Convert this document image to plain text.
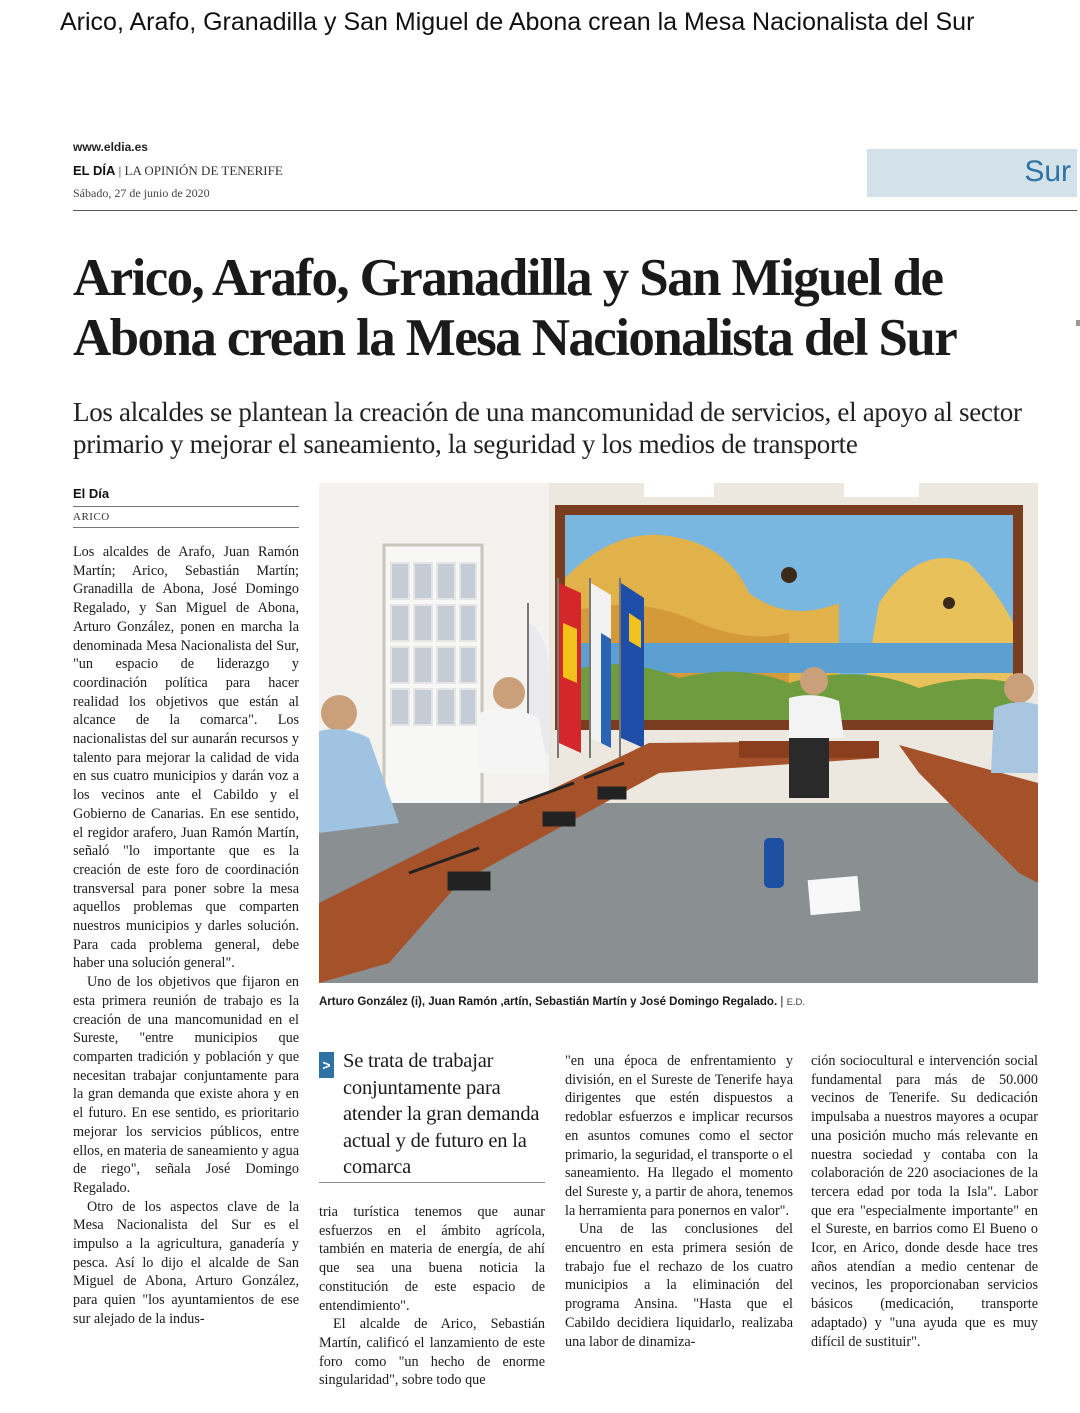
Arico, Arafo, Granadilla y San Miguel de Abona crean la Mesa Nacionalista del Sur
www.eldia.es
EL DÍA | LA OPINIÓN DE TENERIFE
Sábado, 27 de junio de 2020
Sur
Arico, Arafo, Granadilla y San Miguel de Abona crean la Mesa Nacionalista del Sur
Los alcaldes se plantean la creación de una mancomunidad de servicios, el apoyo al sector primario y mejorar el saneamiento, la seguridad y los medios de transporte
El Día
ARICO

Los alcaldes de Arafo, Juan Ramón Martín; Arico, Sebastián Martín; Granadilla de Abona, José Domingo Regalado, y San Miguel de Abona, Arturo González, ponen en marcha la denominada Mesa Nacionalista del Sur, "un espacio de liderazgo y coordinación política para hacer realidad los objetivos que están al alcance de la comarca". Los nacionalistas del sur aunarán recursos y talento para mejorar la calidad de vida en sus cuatro municipios y darán voz a los vecinos ante el Cabildo y el Gobierno de Canarias. En ese sentido, el regidor arafero, Juan Ramón Martín, señaló "lo importante que es la creación de este foro de coordinación transversal para poner sobre la mesa aquellos problemas que comparten nuestros municipios y darles solución. Para cada problema general, debe haber una solución general".

Uno de los objetivos que fijaron en esta primera reunión de trabajo es la creación de una mancomunidad en el Sureste, "entre municipios que comparten tradición y población y que necesitan trabajar conjuntamente para la gran demanda que existe ahora y en el futuro. En ese sentido, es prioritario mejorar los servicios públicos, entre ellos, en materia de saneamiento y agua de riego", señala José Domingo Regalado.

Otro de los aspectos clave de la Mesa Nacionalista del Sur es el impulso a la agricultura, ganadería y pesca. Así lo dijo el alcalde de San Miguel de Abona, Arturo González, para quien "los ayuntamientos de ese sur alejado de la indus-

Arturo González (i), Juan Ramón ,artín, Sebastián Martín y José Domingo Regalado. | E.D.
> Se trata de trabajar conjuntamente para atender la gran demanda actual y de futuro en la comarca

tria turística tenemos que aunar esfuerzos en el ámbito agrícola, también en materia de energía, de ahí que sea una buena noticia la constitución de este espacio de entendimiento".

El alcalde de Arico, Sebastián Martín, calificó el lanzamiento de este foro como "un hecho de enorme singularidad", sobre todo que

"en una época de enfrentamiento y división, en el Sureste de Tenerife haya dirigentes que estén dispuestos a redoblar esfuerzos e implicar recursos en asuntos comunes como el sector primario, la seguridad, el transporte o el saneamiento. Ha llegado el momento del Sureste y, a partir de ahora, tenemos la herramienta para ponernos en valor".

Una de las conclusiones del encuentro en esta primera sesión de trabajo fue el rechazo de los cuatro municipios a la eliminación del programa Ansina. "Hasta que el Cabildo decidiera liquidarlo, realizaba una labor de dinamiza-

ción sociocultural e intervención social fundamental para más de 50.000 vecinos de Tenerife. Su dedicación impulsaba a nuestros mayores a ocupar una posición mucho más relevante en nuestra sociedad y contaba con la colaboración de 220 asociaciones de la tercera edad por toda la Isla". Labor que era "especialmente importante" en el Sureste, en barrios como El Bueno o Icor, en Arico, donde desde hace tres años atendían a medio centenar de vecinos, les proporcionaban servicios básicos (medicación, transporte adaptado) y "una ayuda que es muy difícil de sustituir".
